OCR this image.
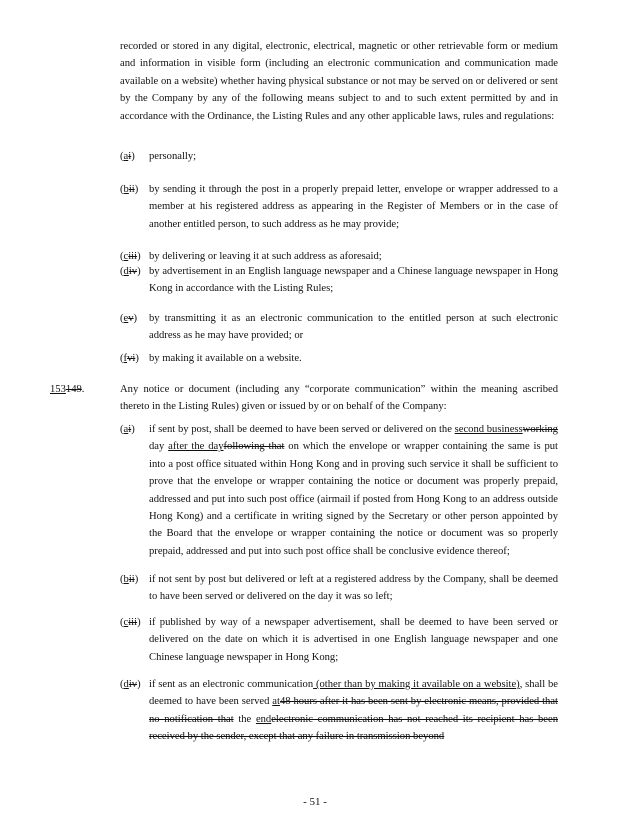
recorded or stored in any digital, electronic, electrical, magnetic or other retrievable form or medium and information in visible form (including an electronic communication and communication made available on a website) whether having physical substance or not may be served on or delivered or sent by the Company by any of the following means subject to and to such extent permitted by and in accordance with the Ordinance, the Listing Rules and any other applicable laws, rules and regulations:
(ai) personally;
(bii) by sending it through the post in a properly prepaid letter, envelope or wrapper addressed to a member at his registered address as appearing in the Register of Members or in the case of another entitled person, to such address as he may provide;
(ciii) by delivering or leaving it at such address as aforesaid;
(div) by advertisement in an English language newspaper and a Chinese language newspaper in Hong Kong in accordance with the Listing Rules;
(ev) by transmitting it as an electronic communication to the entitled person at such electronic address as he may have provided; or
(fvi) by making it available on a website.
153149.	Any notice or document (including any “corporate communication” within the meaning ascribed thereto in the Listing Rules) given or issued by or on behalf of the Company:
(ai) if sent by post, shall be deemed to have been served or delivered on the second businessworking day after the dayfollowing that on which the envelope or wrapper containing the same is put into a post office situated within Hong Kong and in proving such service it shall be sufficient to prove that the envelope or wrapper containing the notice or document was properly prepaid, addressed and put into such post office (airmail if posted from Hong Kong to an address outside Hong Kong) and a certificate in writing signed by the Secretary or other person appointed by the Board that the envelope or wrapper containing the notice or document was so properly prepaid, addressed and put into such post office shall be conclusive evidence thereof;
(bii) if not sent by post but delivered or left at a registered address by the Company, shall be deemed to have been served or delivered on the day it was so left;
(ciii) if published by way of a newspaper advertisement, shall be deemed to have been served or delivered on the date on which it is advertised in one English language newspaper and one Chinese language newspaper in Hong Kong;
(div) if sent as an electronic communication (other than by making it available on a website), shall be deemed to have been served at48 hours after it has been sent by electronic means, provided that no notification that the endelectronic communication has not reached its recipient has been received by the sender, except that any failure in transmission beyond
- 51 -
